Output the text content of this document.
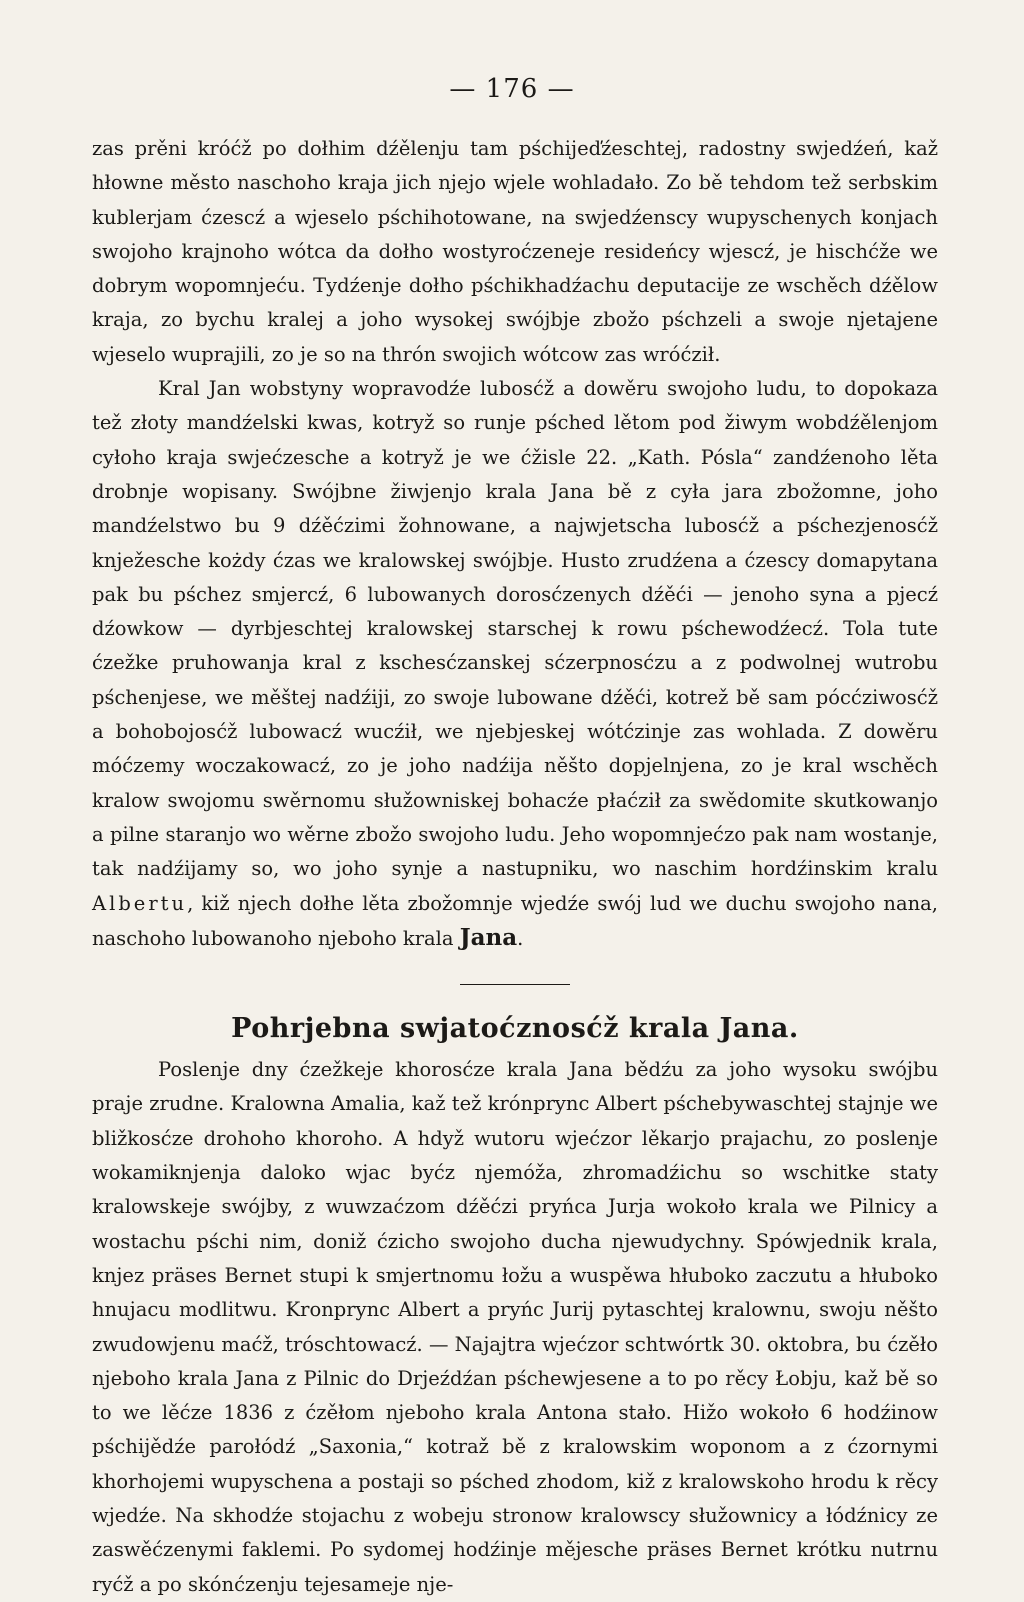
— 176 —

zas prěni króćž po dołhim dźělenju tam pśchijeďźeschtej, radostny swjedźeń, kaž hłowne město naschoho kraja jich njejo wjele wohladało. Zo bě tehdom tež serbskim kublerjam ćzescź a wjeselo pśchihotowane, na swjedźenscy wupyschenych konjach swojoho krajnoho wótca da dołho wostyroćzeneje resideńcy wjescź, je hischćže we dobrym wopomnjeću. Tydźenje dołho pśchikhadźachu deputacije ze wschěch dźělow kraja, zo bychu kralej a joho wysokej swójbje zbožo pśchzeli a swoje njetajene wjeselo wuprajili, zo je so na thrón swojich wótcow zas wróćził.

Kral Jan wobstyny wopravodźe lubosćž a dowěru swojoho ludu, to dopokaza tež złoty mandźelski kwas, kotryž so runje pśched lětom pod žiwym wobdźělenjom cyłoho kraja swjećzesche a kotryž je we ćžisle 22. „Kath. Pósla“ zandźenoho lěta drobnje wopisany. Swójbne žiwjenjo krala Jana bě z cyła jara zbožomne, joho mandźelstwo bu 9 dźěćzimi žohnowane, a najwjetscha lubosćž a pśchezjenosćž knježesche kożdy ćzas we kralowskej swójbje. Husto zrudźena a ćzescy domapytana pak bu pśchez smjercź, 6 lubowanych dorosćzenych dźěći — jenoho syna a pjecź dźowkow — dyrbjeschtej kralowskej starschej k rowu pśchewodźecź. Tola tute ćzežke pruhowanja kral z kschesćzanskej sćzerpnosćzu a z podwolnej wutrobu pśchenjese, we měštej nadźiji, zo swoje lubowane dźěći, kotrež bě sam pócćziwosćž a bohobojosćž lubowacź wucźił, we njebjeskej wótćzinje zas wohlada. Z dowěru móćzemy woczakowacź, zo je joho nadźija něšto dopjelnjena, zo je kral wschěch kralow swojomu swěrnomu słužowniskej bohacźe płaćził za swědomite skutkowanjo a pilne staranjo wo wěrne zbožo swojoho ludu. Jeho wopomnjećzo pak nam wostanje, tak nadźijamy so, wo joho synje a nastupniku, wo naschim hordźinskim kralu Albertu, kiž njech dołhe lěta zbožomnje wjedźe swój lud we duchu swojoho nana, naschoho lubowanoho njeboho krala Jana.

Pohrjebna swjatoćznosćž krala Jana.

Poslenje dny ćzežkeje khorosćze krala Jana bědźu za joho wysoku swójbu praje zrudne. Kralowna Amalia, kaž tež krónprync Albert pśchebywaschtej stajnje we bližkosćze drohoho khoroho. A hdyž wutoru wjećzor lěkarjo prajachu, zo poslenje wokamiknjenja daloko wjac byćz njemóža, zhromadźichu so wschitke staty kralowskeje swójby, z wuwzaćzom dźěćzi pryńca Jurja wokoło krala we Pilnicy a wostachu pśchi nim, doniž ćzicho swojoho ducha njewudychny. Spówjednik krala, knjez präses Bernet stupi k smjertnomu łožu a wuspěwa hłuboko zaczutu a hłuboko hnujacu modlitwu. Kronprync Albert a pryńc Jurij pytaschtej kralownu, swoju něšto zwudowjenu maćž, tróschtowacź. — Najajtra wjećzor schtwórtk 30. oktobra, bu ćzěło njeboho krala Jana z Pilnic do Drjeźdźan pśchewjesene a to po rěcy Łobju, kaž bě so to we lěćze 1836 z ćzěłom njeboho krala Antona stało. Hižo wokoło 6 hodźinow pśchijědźe parołódź „Saxonia,“ kotraž bě z kralowskim woponom a z ćzornymi khorhojemi wupyschena a postaji so pśched zhodom, kiž z kralowskoho hrodu k rěcy wjedźe. Na skhodźe stojachu z wobeju stronow kralowscy słužownicy a łódźnicy ze zaswěćzenymi faklemi. Po sydomej hodźinje mějesche präses Bernet krótku nutrnu ryćž a po skónćzenju tejesameje nje-
